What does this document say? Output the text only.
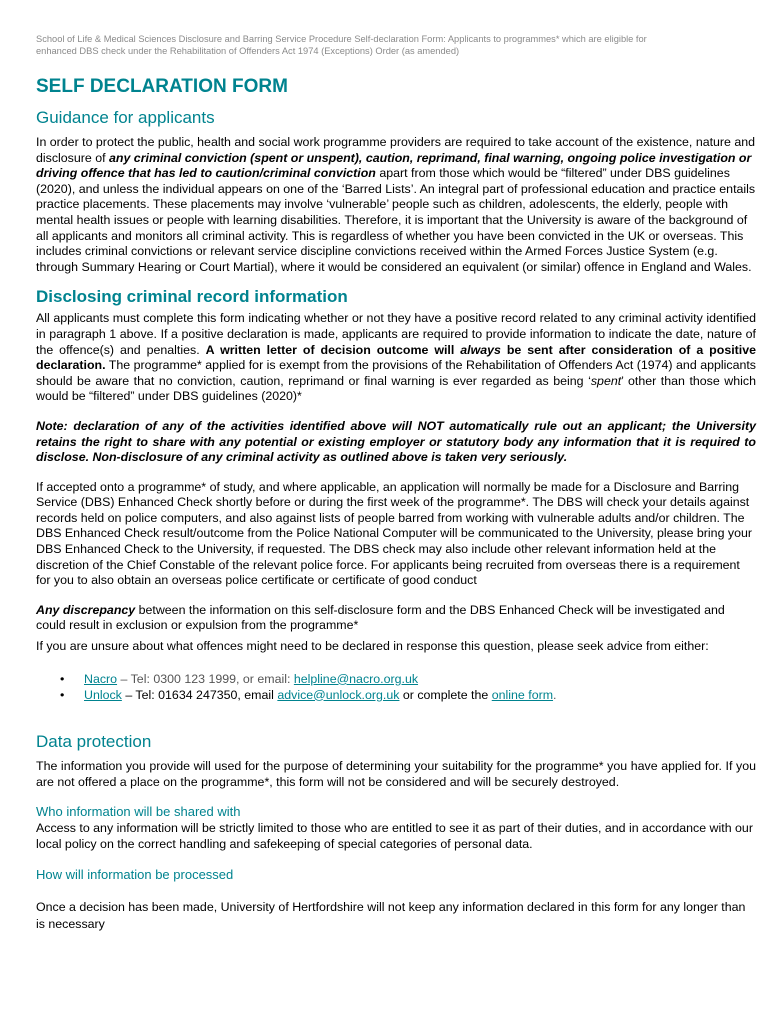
School of Life & Medical Sciences Disclosure and Barring Service Procedure Self-declaration Form: Applicants to programmes* which are eligible for
enhanced DBS check under the Rehabilitation of Offenders Act 1974 (Exceptions) Order (as amended)

SELF DECLARATION FORM
Guidance for applicants

In order to protect the public, health and social work programme providers are required to take account of the existence, nature and disclosure of any criminal conviction (spent or unspent), caution, reprimand, final warning, ongoing police investigation or driving offence that has led to caution/criminal conviction apart from those which would be “filtered” under DBS guidelines (2020), and unless the individual appears on one of the ‘Barred Lists’. An integral part of professional education and practice entails practice placements. These placements may involve ‘vulnerable’ people such as children, adolescents, the elderly, people with mental health issues or people with learning disabilities. Therefore, it is important that the University is aware of the background of all applicants and monitors all criminal activity. This is regardless of whether you have been convicted in the UK or overseas. This includes criminal convictions or relevant service discipline convictions received within the Armed Forces Justice System (e.g. through Summary Hearing or Court Martial), where it would be considered an equivalent (or similar) offence in England and Wales.

Disclosing criminal record information

All applicants must complete this form indicating whether or not they have a positive record related to any criminal activity identified in paragraph 1 above. If a positive declaration is made, applicants are required to provide information to indicate the date, nature of the offence(s) and penalties. A written letter of decision outcome will always be sent after consideration of a positive declaration. The programme* applied for is exempt from the provisions of the Rehabilitation of Offenders Act (1974) and applicants should be aware that no conviction, caution, reprimand or final warning is ever regarded as being ‘spent’ other than those which would be “filtered” under DBS guidelines (2020)*

Note: declaration of any of the activities identified above will NOT automatically rule out an applicant; the University retains the right to share with any potential or existing employer or statutory body any information that it is required to disclose. Non-disclosure of any criminal activity as outlined above is taken very seriously.

If accepted onto a programme* of study, and where applicable, an application will normally be made for a Disclosure and Barring Service (DBS) Enhanced Check shortly before or during the first week of the programme*. The DBS will check your details against records held on police computers, and also against lists of people barred from working with vulnerable adults and/or children. The DBS Enhanced Check result/outcome from the Police National Computer will be communicated to the University, please bring your DBS Enhanced Check to the University, if requested. The DBS check may also include other relevant information held at the discretion of the Chief Constable of the relevant police force. For applicants being recruited from overseas there is a requirement for you to also obtain an overseas police certificate or certificate of good conduct

Any discrepancy between the information on this self-disclosure form and the DBS Enhanced Check will be investigated and could result in exclusion or expulsion from the programme*

If you are unsure about what offences might need to be declared in response this question, please seek advice from either:

• Nacro – Tel: 0300 123 1999, or email: helpline@nacro.org.uk
• Unlock – Tel: 01634 247350, email advice@unlock.org.uk or complete the online form.
Data protection

The information you provide will used for the purpose of determining your suitability for the programme* you have applied for. If you are not offered a place on the programme*, this form will not be considered and will be securely destroyed.

Who information will be shared with

Access to any information will be strictly limited to those who are entitled to see it as part of their duties, and in accordance with our local policy on the correct handling and safekeeping of special categories of personal data.

How will information be processed

Once a decision has been made, University of Hertfordshire will not keep any information declared in this form for any longer than is necessary
